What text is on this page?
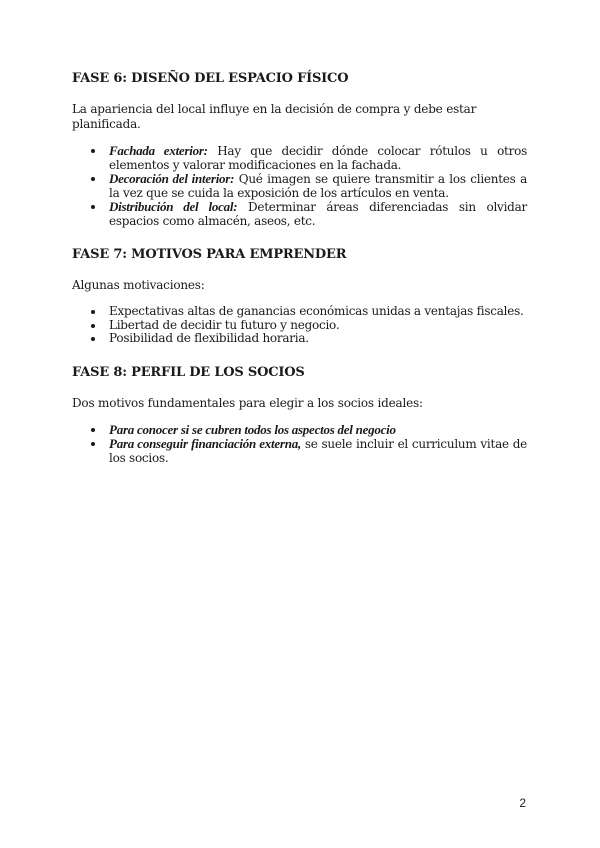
FASE 6: DISEÑO DEL ESPACIO FÍSICO

La apariencia del local influye en la decisión de compra y debe estar planificada.

Fachada exterior: Hay que decidir dónde colocar rótulos u otros elementos y valorar modificaciones en la fachada.
Decoración del interior: Qué imagen se quiere transmitir a los clientes a la vez que se cuida la exposición de los artículos en venta.
Distribución del local: Determinar áreas diferenciadas sin olvidar espacios como almacén, aseos, etc.
FASE 7: MOTIVOS PARA EMPRENDER

Algunas motivaciones:

Expectativas altas de ganancias económicas unidas a ventajas fiscales.
Libertad de decidir tu futuro y negocio.
Posibilidad de flexibilidad horaria.
FASE 8: PERFIL DE LOS SOCIOS

Dos motivos fundamentales para elegir a los socios ideales:

Para conocer si se cubren todos los aspectos del negocio
Para conseguir financiación externa, se suele incluir el curriculum vitae de los socios.
2
